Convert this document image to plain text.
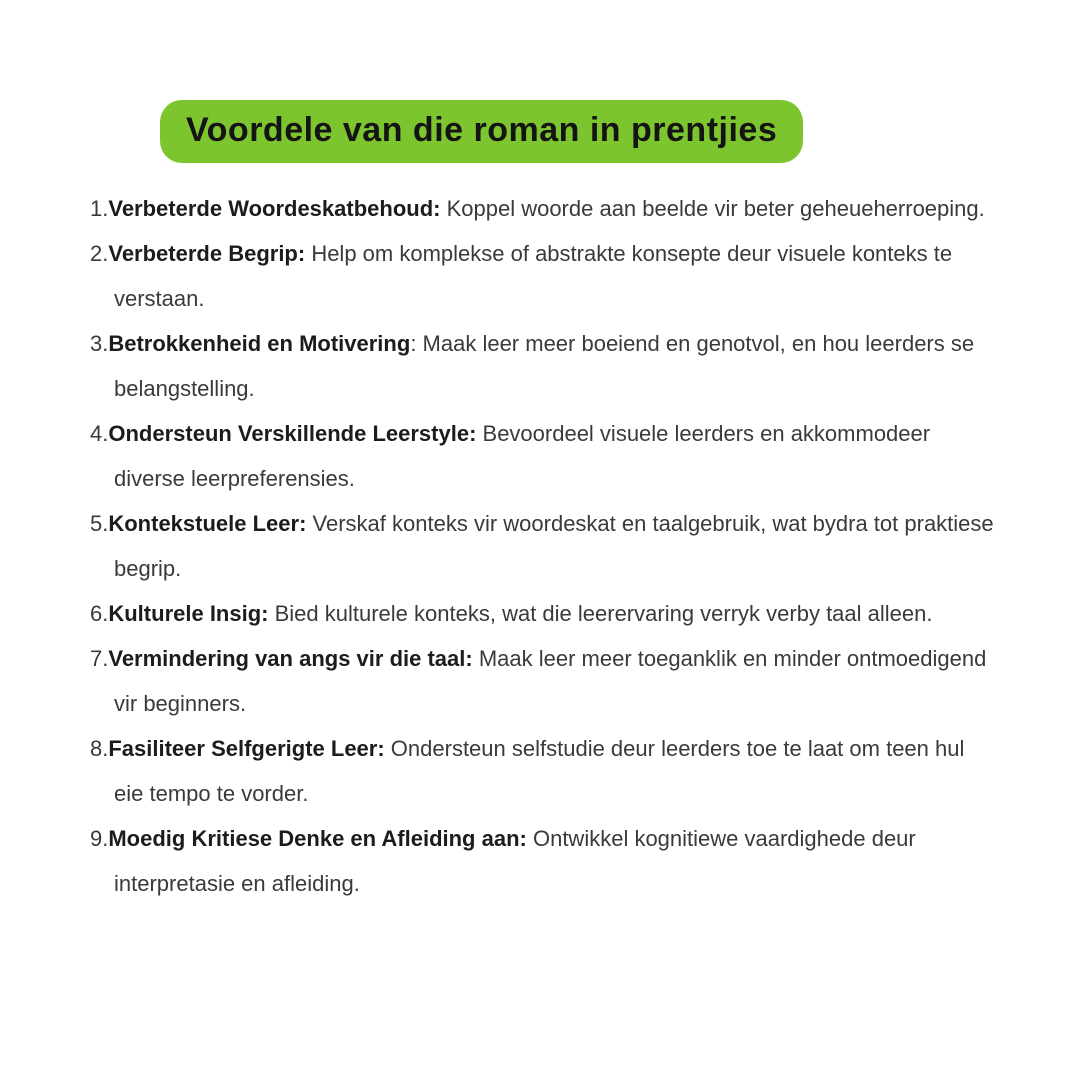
Voordele van die roman in prentjies
1.Verbeterde Woordeskatbehoud: Koppel woorde aan beelde vir beter geheueherroeping.
2.Verbeterde Begrip: Help om komplekse of abstrakte konsepte deur visuele konteks te verstaan.
3.Betrokkenheid en Motivering: Maak leer meer boeiend en genotvol, en hou leerders se belangstelling.
4.Ondersteun Verskillende Leerstyle: Bevoordeel visuele leerders en akkommodeer diverse leerpreferensies.
5.Kontekstuele Leer: Verskaf konteks vir woordeskat en taalgebruik, wat bydra tot praktiese begrip.
6.Kulturele Insig: Bied kulturele konteks, wat die leerervaring verryk verby taal alleen.
7.Vermindering van angs vir die taal: Maak leer meer toeganklik en minder ontmoedigend vir beginners.
8.Fasiliteer Selfgerigte Leer: Ondersteun selfstudie deur leerders toe te laat om teen hul eie tempo te vorder.
9.Moedig Kritiese Denke en Afleiding aan: Ontwikkel kognitiewe vaardighede deur interpretasie en afleiding.
